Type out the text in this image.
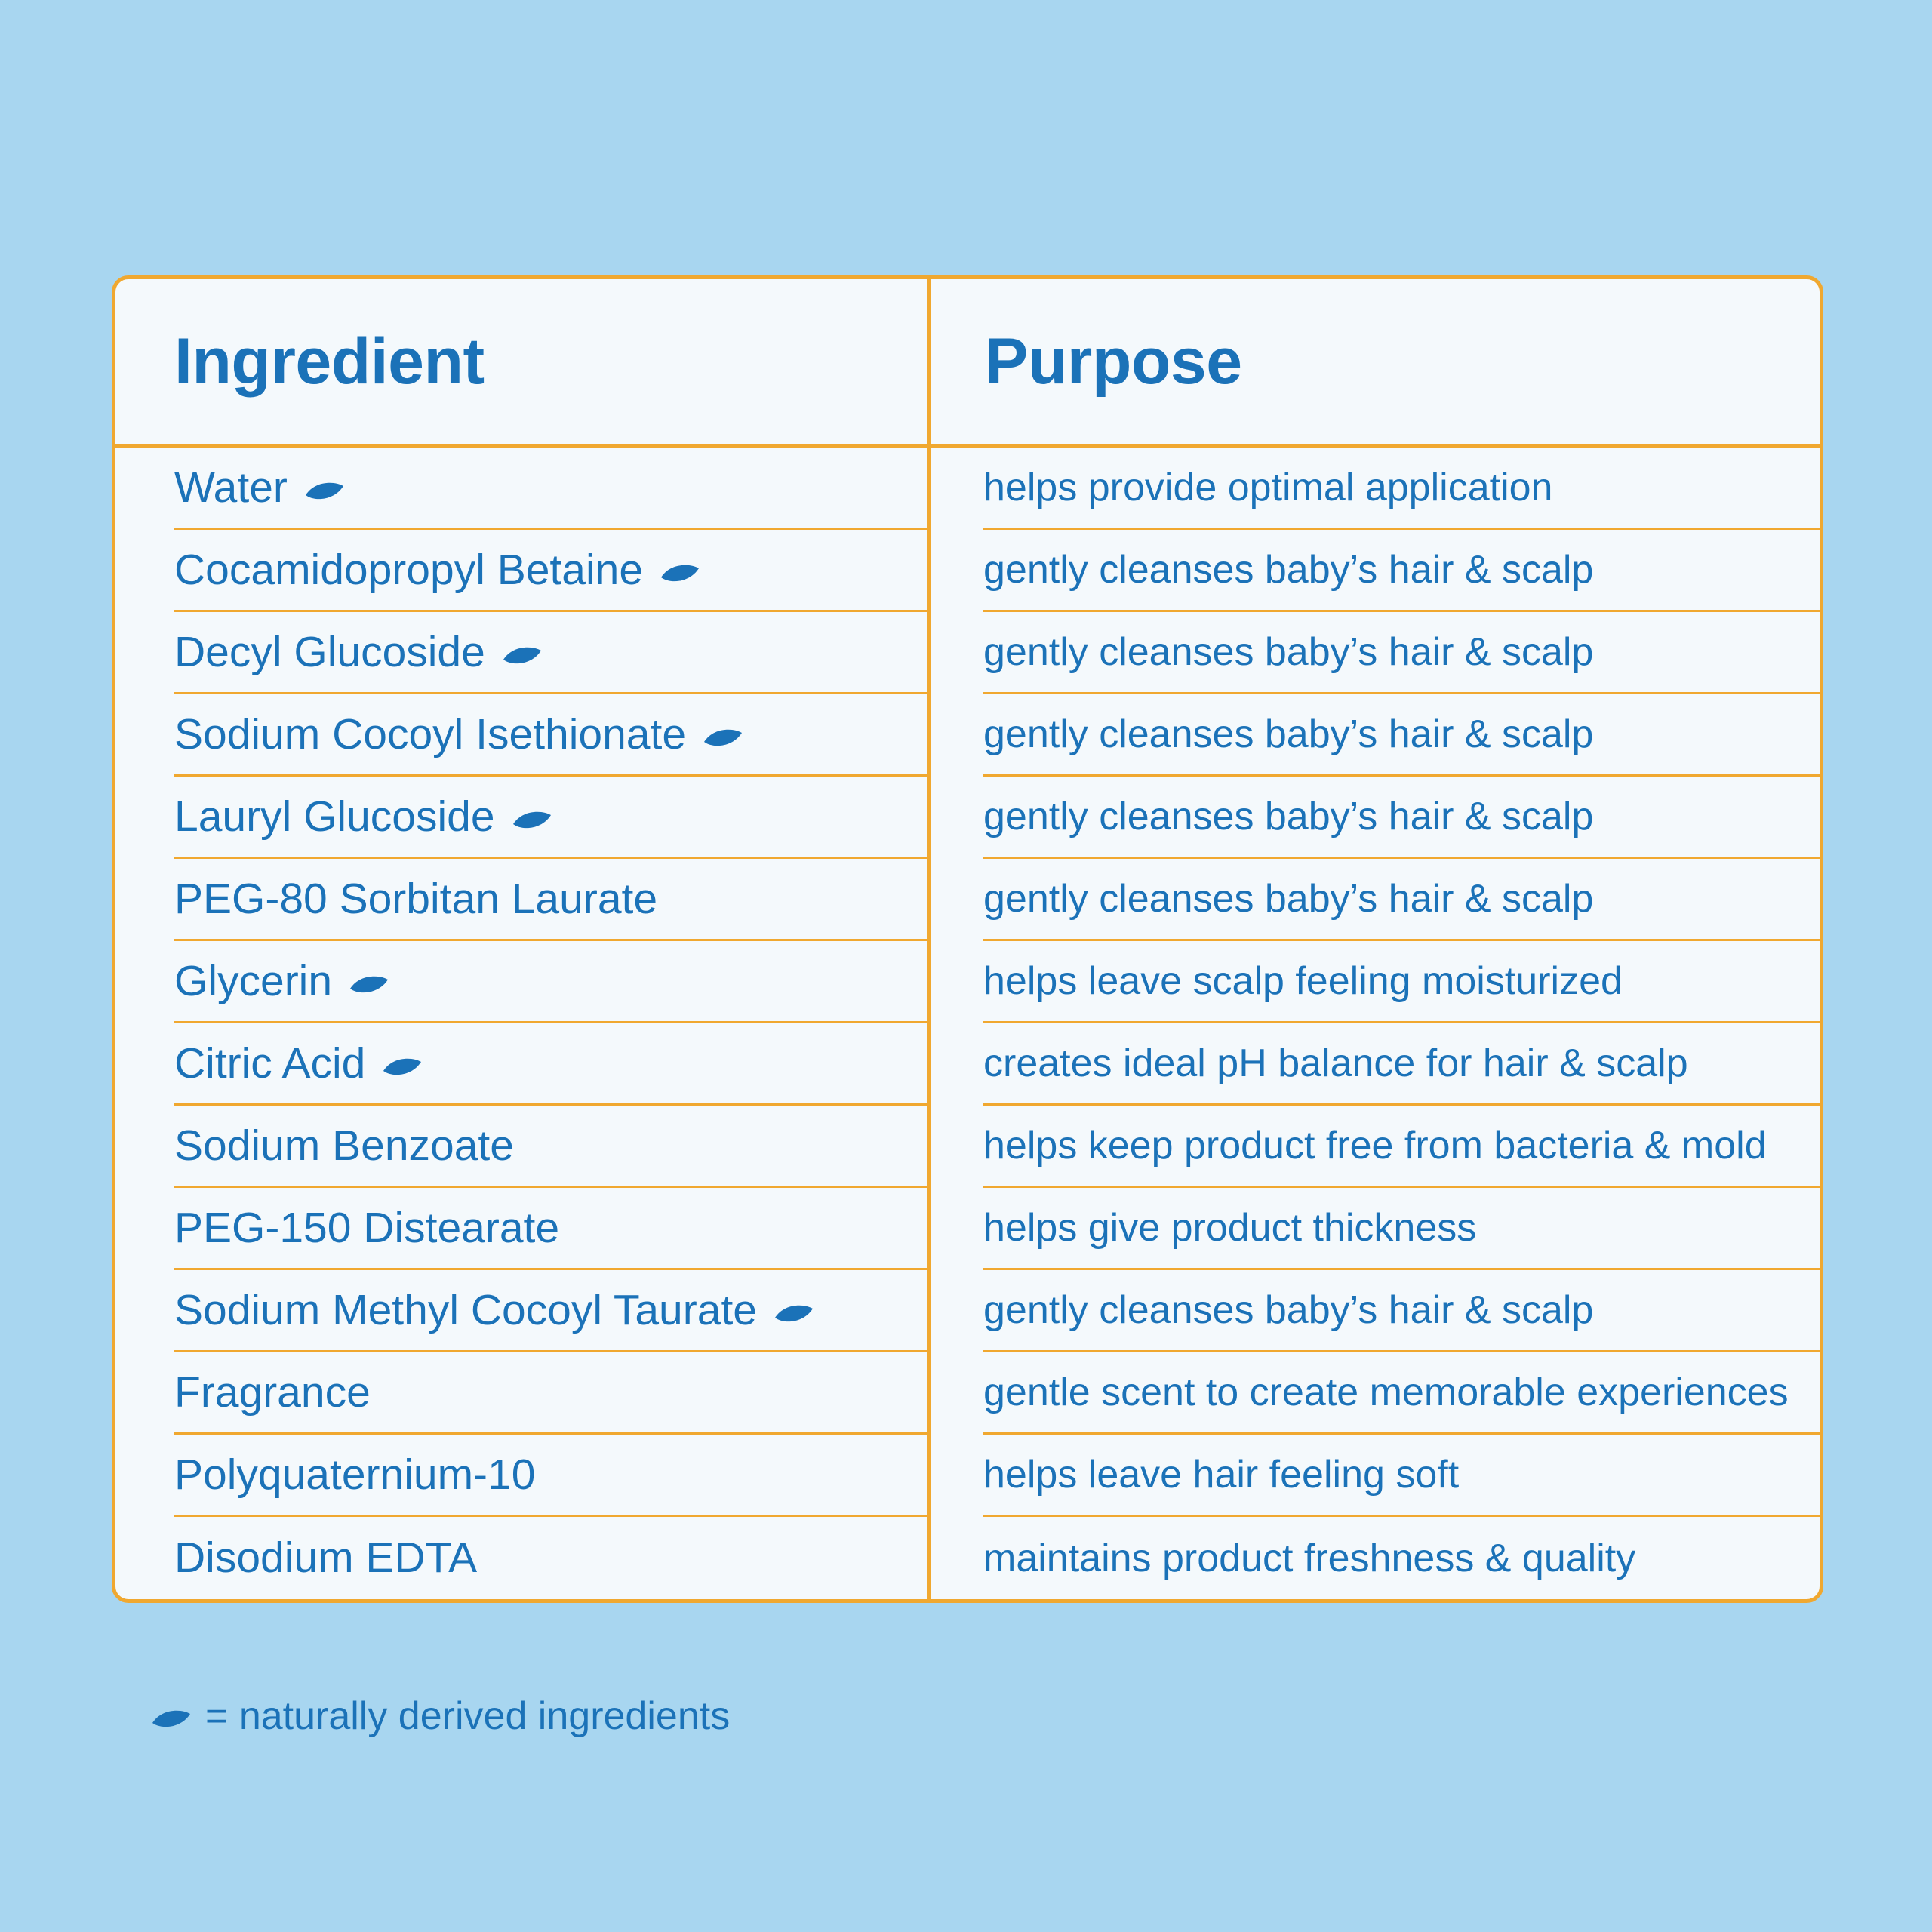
Ingredient	Purpose
Water	helps provide optimal application
Cocamidopropyl Betaine	gently cleanses baby’s hair & scalp
Decyl Glucoside	gently cleanses baby’s hair & scalp
Sodium Cocoyl Isethionate	gently cleanses baby’s hair & scalp
Lauryl Glucoside	gently cleanses baby’s hair & scalp
PEG-80 Sorbitan Laurate	gently cleanses baby’s hair & scalp
Glycerin	helps leave scalp feeling moisturized
Citric Acid	creates ideal pH balance for hair & scalp
Sodium Benzoate	helps keep product free from bacteria & mold
PEG-150 Distearate	helps give product thickness
Sodium Methyl Cocoyl Taurate	gently cleanses baby’s hair & scalp
Fragrance	gentle scent to create memorable experiences
Polyquaternium-10	helps leave hair feeling soft
Disodium EDTA	maintains product freshness & quality
= naturally derived ingredients
